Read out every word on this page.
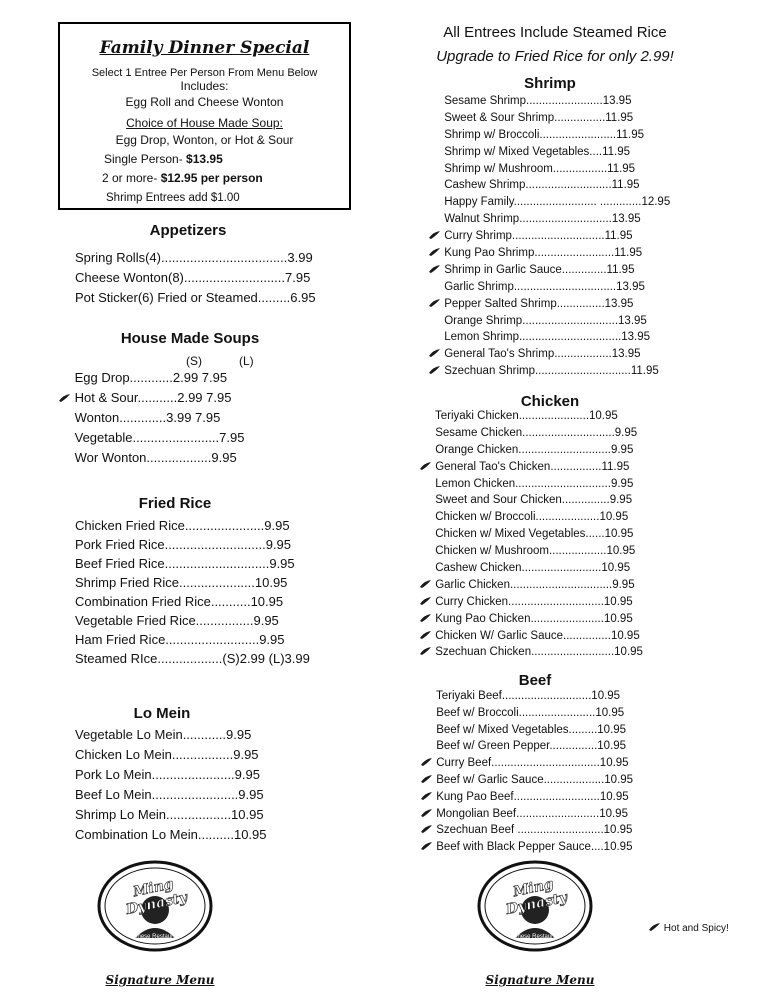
Family Dinner Special
Select 1 Entree Per Person From Menu Below
Includes:
Egg Roll and Cheese Wonton
Choice of House Made Soup:
Egg Drop, Wonton, or Hot & Sour
Single Person- $13.95
2 or more- $12.95 per person
Shrimp Entrees add $1.00
Appetizers
Spring Rolls(4)...................................3.99
Cheese Wonton(8)............................7.95
Pot Sticker(6) Fried or Steamed.........6.95
House Made Soups
(S)	(L)
Egg Drop............2.99 7.95
Hot & Sour...........2.99 7.95
Wonton.............3.99 7.95
Vegetable........................7.95
Wor Wonton..................9.95
Fried Rice
Chicken Fried Rice......................9.95
Pork Fried Rice............................9.95
Beef Fried Rice.............................9.95
Shrimp Fried Rice.....................10.95
Combination Fried Rice...........10.95
Vegetable Fried Rice................9.95
Ham Fried Rice..........................9.95
Steamed RIce..................(S)2.99 (L)3.99
Lo Mein
Vegetable Lo Mein............9.95
Chicken Lo Mein.................9.95
Pork Lo Mein.......................9.95
Beef Lo Mein........................9.95
Shrimp Lo Mein..................10.95
Combination Lo Mein..........10.95
Ming Dynasty
Chinese Restaurant
Signature Menu
All Entrees Include Steamed Rice
Upgrade to Fried Rice for only 2.99!
Shrimp
Sesame Shrimp........................13.95
Sweet & Sour Shrimp................11.95
Shrimp w/ Broccoli........................11.95
Shrimp w/ Mixed Vegetables....11.95
Shrimp w/ Mushroom.................11.95
Cashew Shrimp...........................11.95
Happy Family.......................... .............12.95
Walnut Shrimp.............................13.95
Curry Shrimp.............................11.95
Kung Pao Shrimp.........................11.95
Shrimp in Garlic Sauce..............11.95
Garlic Shrimp................................13.95
Pepper Salted Shrimp...............13.95
Orange Shrimp..............................13.95
Lemon Shrimp................................13.95
General Tao's Shrimp..................13.95
Szechuan Shrimp..............................11.95
Chicken
Teriyaki Chicken......................10.95
Sesame Chicken.............................9.95
Orange Chicken.............................9.95
General Tao's Chicken................11.95
Lemon Chicken..............................9.95
Sweet and Sour Chicken...............9.95
Chicken w/ Broccoli....................10.95
Chicken w/ Mixed Vegetables......10.95
Chicken w/ Mushroom..................10.95
Cashew Chicken.........................10.95
Garlic Chicken................................9.95
Curry Chicken..............................10.95
Kung Pao Chicken.......................10.95
Chicken W/ Garlic Sauce...............10.95
Szechuan Chicken..........................10.95
Beef
Teriyaki Beef............................10.95
Beef w/ Broccoli........................10.95
Beef w/ Mixed Vegetables.........10.95
Beef w/ Green Pepper...............10.95
Curry Beef..................................10.95
Beef w/ Garlic Sauce...................10.95
Kung Pao Beef...........................10.95
Mongolian Beef..........................10.95
Szechuan Beef ...........................10.95
Beef with Black Pepper Sauce....10.95
Ming Dynasty
Chinese Restaurant
Signature Menu
Hot and Spicy!
